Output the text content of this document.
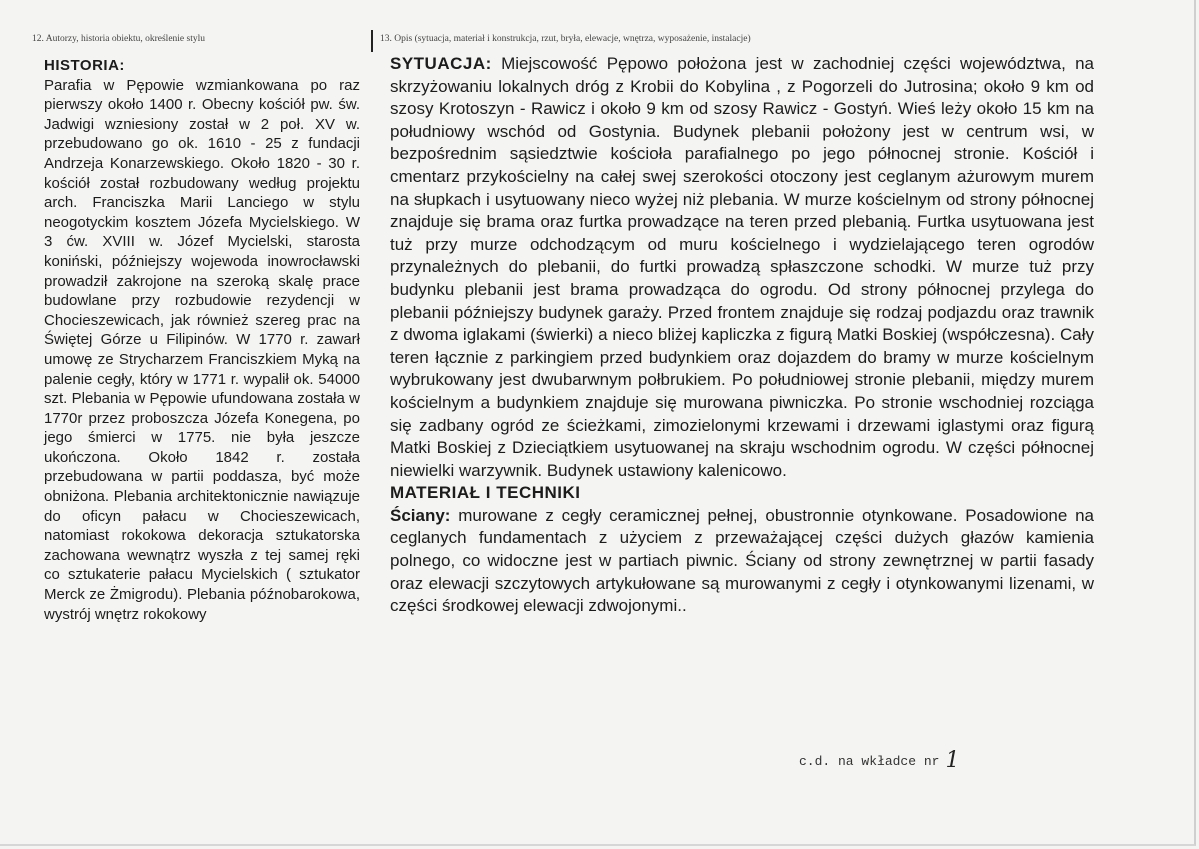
12. Autorzy, historia obiektu, określenie stylu	13. Opis (sytuacja, materiał i konstrukcja, rzut, bryła, elewacje, wnętrza, wyposażenie, instalacje)

HISTORIA:

Parafia w Pępowie wzmiankowana po raz pierwszy około 1400 r. Obecny kościół pw. św. Jadwigi wzniesiony został w 2 poł. XV w. przebudowano go ok. 1610 - 25 z fundacji Andrzeja Konarzewskiego. Około 1820 - 30 r. kościół został rozbudowany według projektu arch. Franciszka Marii Lanciego w stylu neogotyckim kosztem Józefa Mycielskiego. W 3 ćw. XVIII w. Józef Mycielski, starosta koniński, późniejszy wojewoda inowrocławski prowadził zakrojone na szeroką skalę prace budowlane przy rozbudowie rezydencji w Chocieszewicach, jak również szereg prac na Świętej Górze u Filipinów. W 1770 r. zawarł umowę ze Strycharzem Franciszkiem Myką na palenie cegły, który w 1771 r. wypalił ok. 54000 szt. Plebania w Pępowie ufundowana została w 1770r przez proboszcza Józefa Konegena, po jego śmierci w 1775. nie była jeszcze ukończona. Około 1842 r. została przebudowana w partii poddasza, być może obniżona. Plebania architektonicznie nawiązuje do oficyn pałacu w Chocieszewicach, natomiast rokokowa dekoracja sztukatorska zachowana wewnątrz wyszła z tej samej ręki co sztukaterie pałacu Mycielskich ( sztukator Merck ze Żmigrodu). Plebania późnobarokowa, wystrój wnętrz rokokowy

SYTUACJA: Miejscowość Pępowo położona jest w zachodniej części województwa, na skrzyżowaniu lokalnych dróg z Krobii do Kobylina , z Pogorzeli do Jutrosina; około 9 km od szosy Krotoszyn - Rawicz i około 9 km od szosy Rawicz - Gostyń. Wieś leży około 15 km na południowy wschód od Gostynia. Budynek plebanii położony jest w centrum wsi, w bezpośrednim sąsiedztwie kościoła parafialnego po jego północnej stronie. Kościół i cmentarz przykościelny na całej swej szerokości otoczony jest ceglanym ażurowym murem na słupkach i usytuowany nieco wyżej niż plebania. W murze kościelnym od strony północnej znajduje się brama oraz furtka prowadzące na teren przed plebanią. Furtka usytuowana jest tuż przy murze odchodzącym od muru kościelnego i wydzielającego teren ogrodów przynależnych do plebanii, do furtki prowadzą spłaszczone schodki. W murze tuż przy budynku plebanii jest brama prowadząca do ogrodu. Od strony północnej przylega do plebanii późniejszy budynek garaży. Przed frontem znajduje się rodzaj podjazdu oraz trawnik z dwoma iglakami (świerki) a nieco bliżej kapliczka z figurą Matki Boskiej (współczesna). Cały teren łącznie z parkingiem przed budynkiem oraz dojazdem do bramy w murze kościelnym wybrukowany jest dwubarwnym połbrukiem. Po południowej stronie plebanii, między murem kościelnym a budynkiem znajduje się murowana piwniczka. Po stronie wschodniej rozciąga się zadbany ogród ze ścieżkami, zimozielonymi krzewami i drzewami iglastymi oraz figurą Matki Boskiej z Dzieciątkiem usytuowanej na skraju wschodnim ogrodu. W części północnej niewielki warzywnik. Budynek ustawiony kalenicowo.

MATERIAŁ I TECHNIKI

Ściany: murowane z cegły ceramicznej pełnej, obustronnie otynkowane. Posadowione na ceglanych fundamentach z użyciem z przeważającej części dużych głazów kamienia polnego, co widoczne jest w partiach piwnic. Ściany od strony zewnętrznej w partii fasady oraz elewacji szczytowych artykułowane są murowanymi z cegły i otynkowanymi lizenami, w części środkowej elewacji zdwojonymi..

c.d. na wkładce nr 1
